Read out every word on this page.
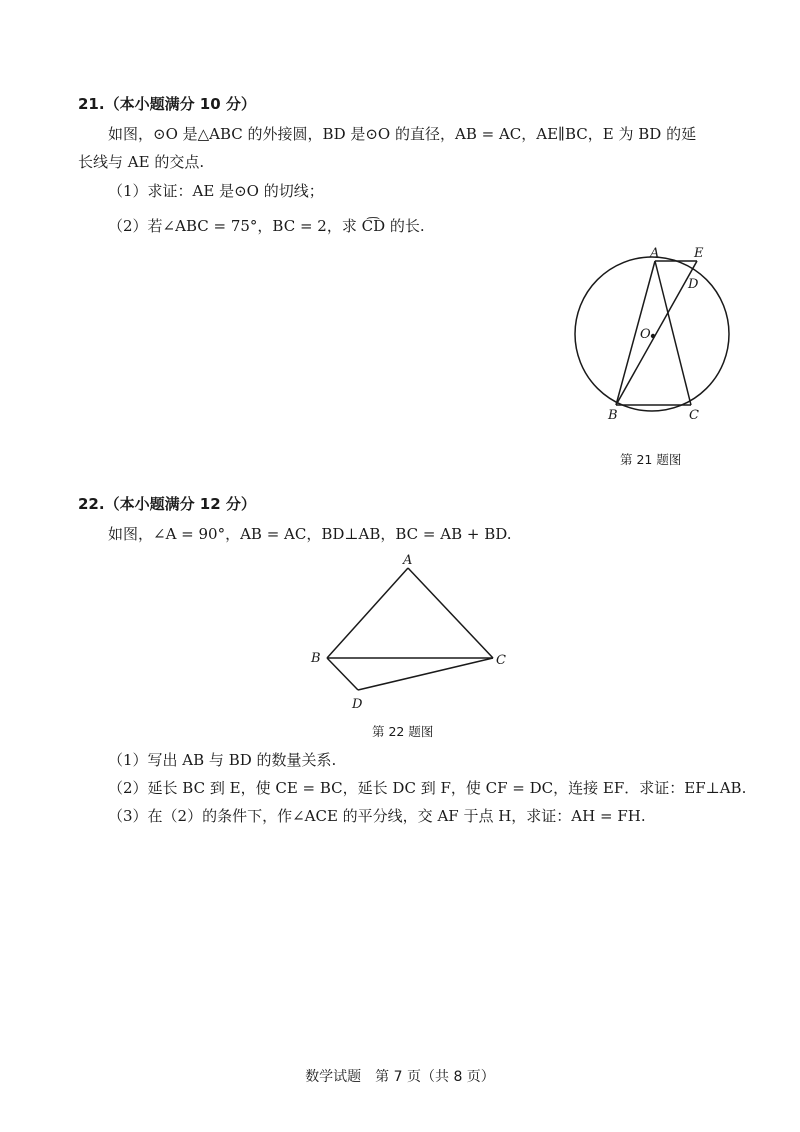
21.（本小题满分 10 分）
如图，⊙O 是△ABC 的外接圆，BD 是⊙O 的直径，AB = AC，AE∥BC，E 为 BD 的延
长线与 AE 的交点.
（1）求证：AE 是⊙O 的切线；
（2）若∠ABC = 75°，BC = 2，求 C͡D 的长.
A	E
D
O
B	C
第 21 题图
22.（本小题满分 12 分）
如图，∠A = 90°，AB = AC，BD⊥AB，BC = AB + BD.
A
B	C
D
第 22 题图
（1）写出 AB 与 BD 的数量关系.
（2）延长 BC 到 E，使 CE = BC，延长 DC 到 F，使 CF = DC，连接 EF．求证：EF⊥AB.
（3）在（2）的条件下，作∠ACE 的平分线，交 AF 于点 H，求证：AH = FH.
数学试题　第 7 页（共 8 页）
